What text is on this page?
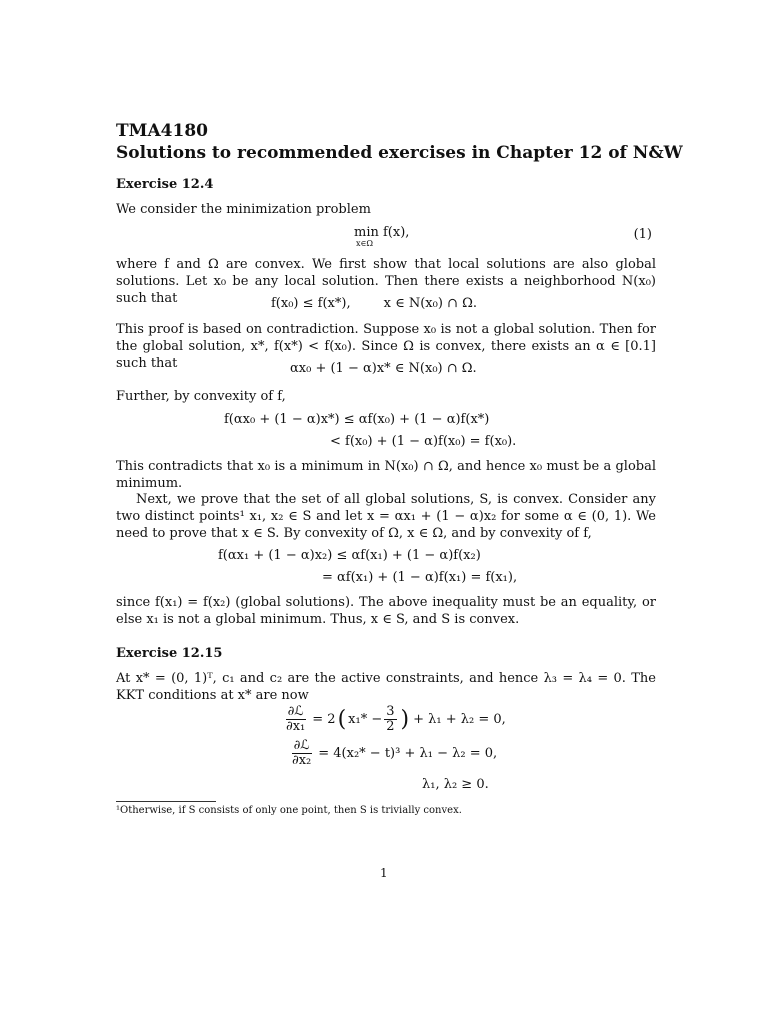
TMA4180
Solutions to recommended exercises in Chapter 12 of N&W
Exercise 12.4
We consider the minimization problem
min f(x),
x∈Ω
(1)
where f and Ω are convex. We first show that local solutions are also global solutions. Let x₀ be any local solution. Then there exists a neighborhood N(x₀) such that	f(x₀) ≤ f(x*),        x ∈ N(x₀) ∩ Ω.
This proof is based on contradiction. Suppose x₀ is not a global solution. Then for the global solution, x*, f(x*) < f(x₀). Since Ω is convex, there exists an α ∈ [0.1] such that	αx₀ + (1 − α)x* ∈ N(x₀) ∩ Ω.
Further, by convexity of f,
f(αx₀ + (1 − α)x*) ≤ αf(x₀) + (1 − α)f(x*)
< f(x₀) + (1 − α)f(x₀) = f(x₀).
This contradicts that x₀ is a minimum in N(x₀) ∩ Ω, and hence x₀ must be a global minimum.
Next, we prove that the set of all global solutions, S, is convex. Consider any two distinct points¹ x₁, x₂ ∈ S and let x = αx₁ + (1 − α)x₂ for some α ∈ (0, 1). We need to prove that x ∈ S. By convexity of Ω, x ∈ Ω, and by convexity of f,
f(αx₁ + (1 − α)x₂) ≤ αf(x₁) + (1 − α)f(x₂)
= αf(x₁) + (1 − α)f(x₁) = f(x₁),
since f(x₁) = f(x₂) (global solutions). The above inequality must be an equality, or else x₁ is not a global minimum. Thus, x ∈ S, and S is convex.
Exercise 12.15
At x* = (0, 1)ᵀ, c₁ and c₂ are the active constraints, and hence λ₃ = λ₄ = 0. The KKT conditions at x* are now
$\frac{\text{∂ℒ}}{\text{∂x₁}} = 2$ ( $x_1* - \frac{3}{2}$ ) + λ₁ + λ₂ = 0,
$\frac{\text{∂ℒ}}{\text{∂x₂}} = 4(x_2* - t)^3 + \lambda_1 - \lambda_2 = 0$,
λ₁, λ₂ ≥ 0.
¹Otherwise, if S consists of only one point, then S is trivially convex.
1
